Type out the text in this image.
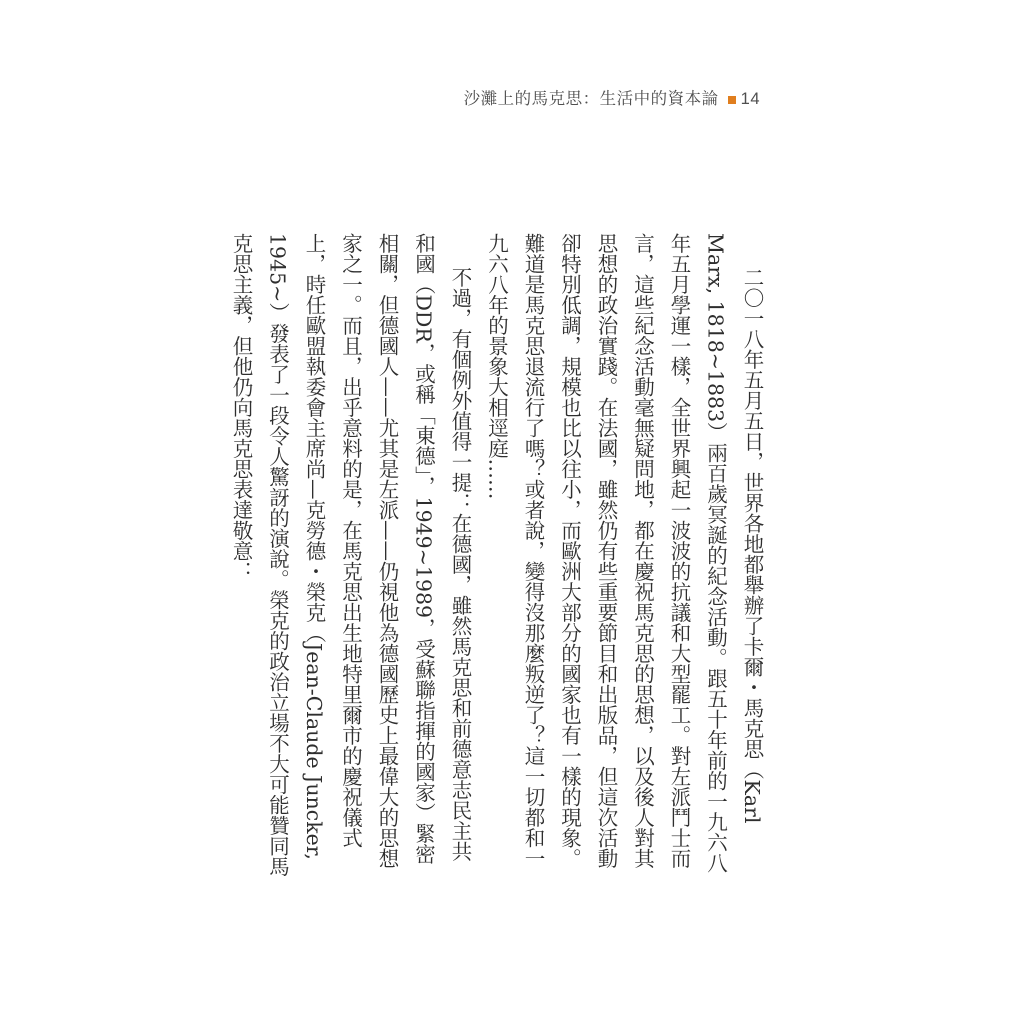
沙灘上的馬克思：生活中的資本論 14

二〇一八年五月五日，世界各地都舉辦了卡爾・馬克思（Karl Marx, 1818~1883）兩百歲冥誕的紀念活動。跟五十年前的一九六八年五月學運一樣，全世界興起一波波的抗議和大型罷工。對左派鬥士而言，這些紀念活動毫無疑問地，都在慶祝馬克思的思想，以及後人對其思想的政治實踐。在法國，雖然仍有些重要節目和出版品，但這次活動卻特別低調，規模也比以往小，而歐洲大部分的國家也有一樣的現象。難道是馬克思退流行了嗎？或者說，變得沒那麼叛逆了？這一切都和一九六八年的景象大相逕庭……

不過，有個例外值得一提：在德國，雖然馬克思和前德意志民主共和國（DDR，或稱「東德」，1949~1989，受蘇聯指揮的國家）緊密相關，但德國人——尤其是左派——仍視他為德國歷史上最偉大的思想家之一。而且，出乎意料的是，在馬克思出生地特里爾市的慶祝儀式上，時任歐盟執委會主席尚—克勞德・榮克（Jean-Claude Juncker, 1945~）發表了一段令人驚訝的演說。榮克的政治立場不大可能贊同馬克思主義，但他仍向馬克思表達敬意：
